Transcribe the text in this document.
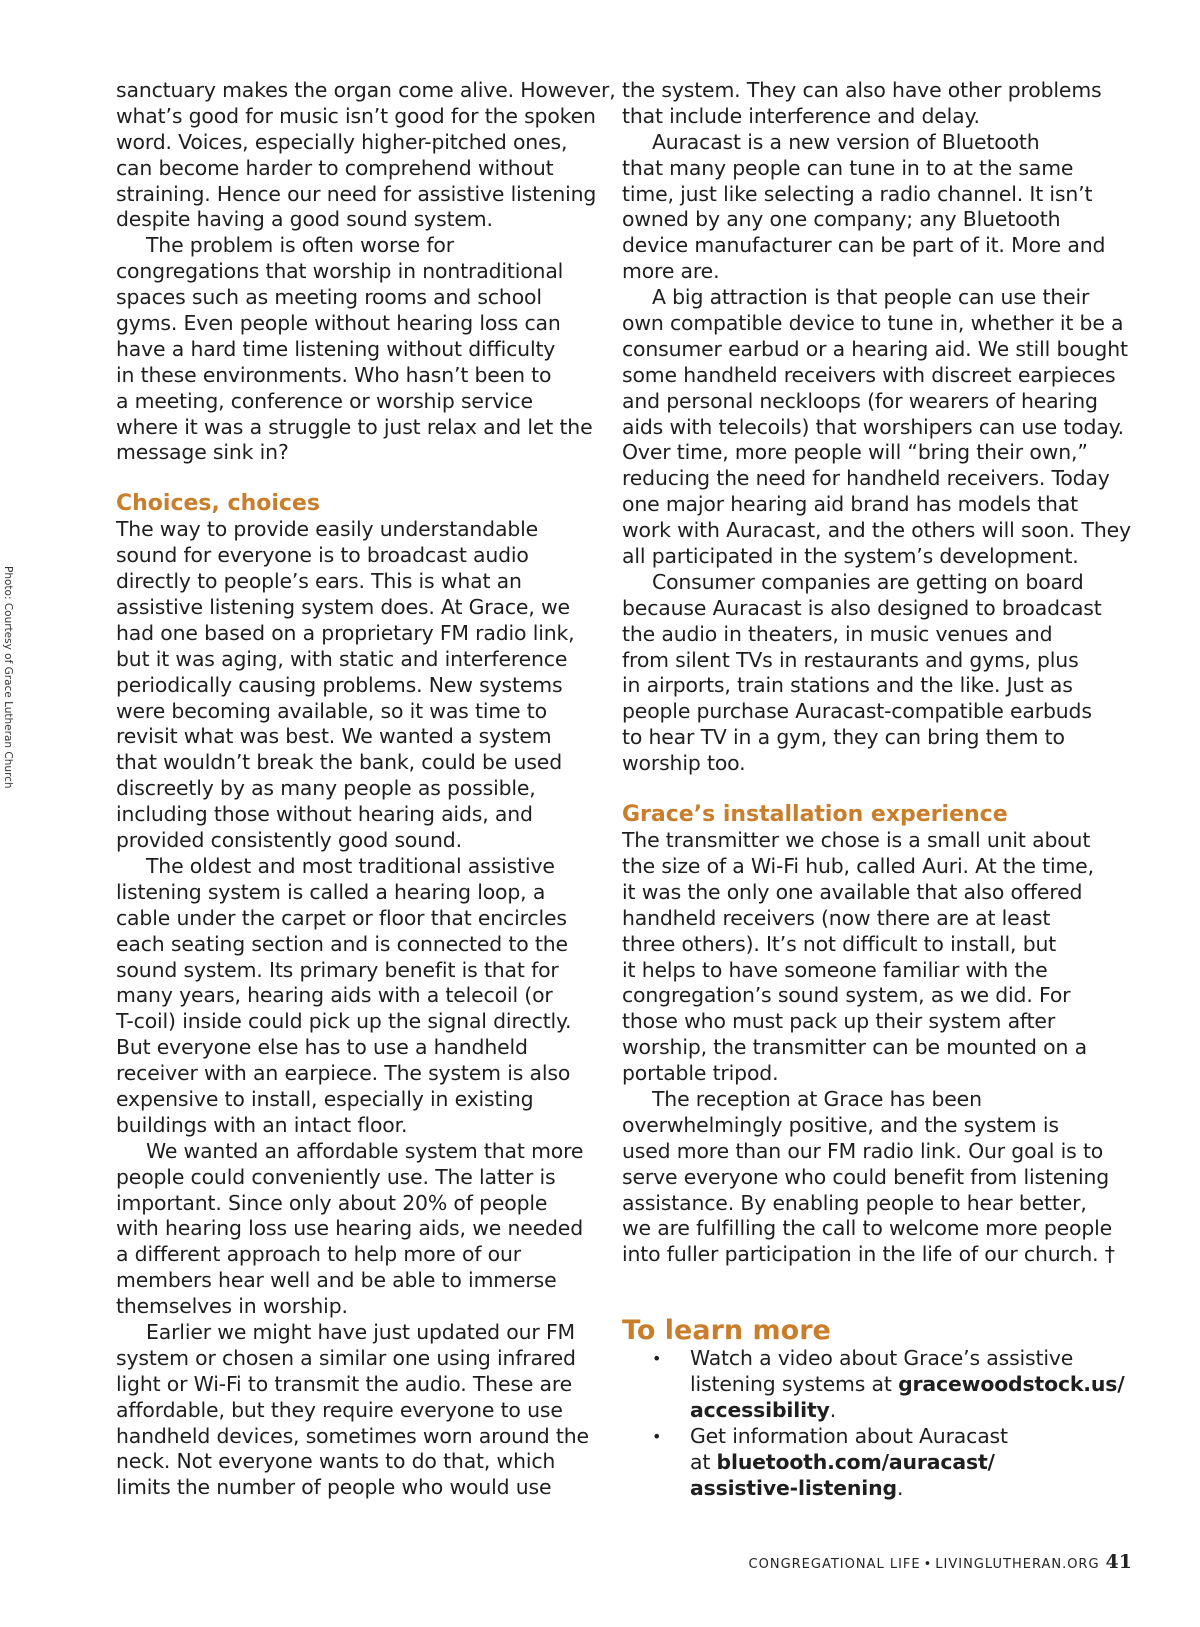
Photo: Courtesy of Grace Lutheran Church
sanctuary makes the organ come alive. However,
what’s good for music isn’t good for the spoken
word. Voices, especially higher-pitched ones,
can become harder to comprehend without
straining. Hence our need for assistive listening
despite having a good sound system.
The problem is often worse for
congregations that worship in nontraditional
spaces such as meeting rooms and school
gyms. Even people without hearing loss can
have a hard time listening without difficulty
in these environments. Who hasn’t been to
a meeting, conference or worship service
where it was a struggle to just relax and let the
message sink in?
Choices, choices
The way to provide easily understandable
sound for everyone is to broadcast audio
directly to people’s ears. This is what an
assistive listening system does. At Grace, we
had one based on a proprietary FM radio link,
but it was aging, with static and interference
periodically causing problems. New systems
were becoming available, so it was time to
revisit what was best. We wanted a system
that wouldn’t break the bank, could be used
discreetly by as many people as possible,
including those without hearing aids, and
provided consistently good sound.
The oldest and most traditional assistive
listening system is called a hearing loop, a
cable under the carpet or floor that encircles
each seating section and is connected to the
sound system. Its primary benefit is that for
many years, hearing aids with a telecoil (or
T-coil) inside could pick up the signal directly.
But everyone else has to use a handheld
receiver with an earpiece. The system is also
expensive to install, especially in existing
buildings with an intact floor.
We wanted an affordable system that more
people could conveniently use. The latter is
important. Since only about 20% of people
with hearing loss use hearing aids, we needed
a different approach to help more of our
members hear well and be able to immerse
themselves in worship.
Earlier we might have just updated our FM
system or chosen a similar one using infrared
light or Wi-Fi to transmit the audio. These are
affordable, but they require everyone to use
handheld devices, sometimes worn around the
neck. Not everyone wants to do that, which
limits the number of people who would use
the system. They can also have other problems
that include interference and delay.
Auracast is a new version of Bluetooth
that many people can tune in to at the same
time, just like selecting a radio channel. It isn’t
owned by any one company; any Bluetooth
device manufacturer can be part of it. More and
more are.
A big attraction is that people can use their
own compatible device to tune in, whether it be a
consumer earbud or a hearing aid. We still bought
some handheld receivers with discreet earpieces
and personal neckloops (for wearers of hearing
aids with telecoils) that worshipers can use today.
Over time, more people will “bring their own,”
reducing the need for handheld receivers. Today
one major hearing aid brand has models that
work with Auracast, and the others will soon. They
all participated in the system’s development.
Consumer companies are getting on board
because Auracast is also designed to broadcast
the audio in theaters, in music venues and
from silent TVs in restaurants and gyms, plus
in airports, train stations and the like. Just as
people purchase Auracast-compatible earbuds
to hear TV in a gym, they can bring them to
worship too.
Grace’s installation experience
The transmitter we chose is a small unit about
the size of a Wi-Fi hub, called Auri. At the time,
it was the only one available that also offered
handheld receivers (now there are at least
three others). It’s not difficult to install, but
it helps to have someone familiar with the
congregation’s sound system, as we did. For
those who must pack up their system after
worship, the transmitter can be mounted on a
portable tripod.
The reception at Grace has been
overwhelmingly positive, and the system is
used more than our FM radio link. Our goal is to
serve everyone who could benefit from listening
assistance. By enabling people to hear better,
we are fulfilling the call to welcome more people
into fuller participation in the life of our church. †
To learn more
• Watch a video about Grace’s assistive
listening systems at gracewoodstock.us/
accessibility.
• Get information about Auracast
at bluetooth.com/auracast/
assistive-listening.
CONGREGATIONAL LIFE • LIVINGLUTHERAN.ORG 41
